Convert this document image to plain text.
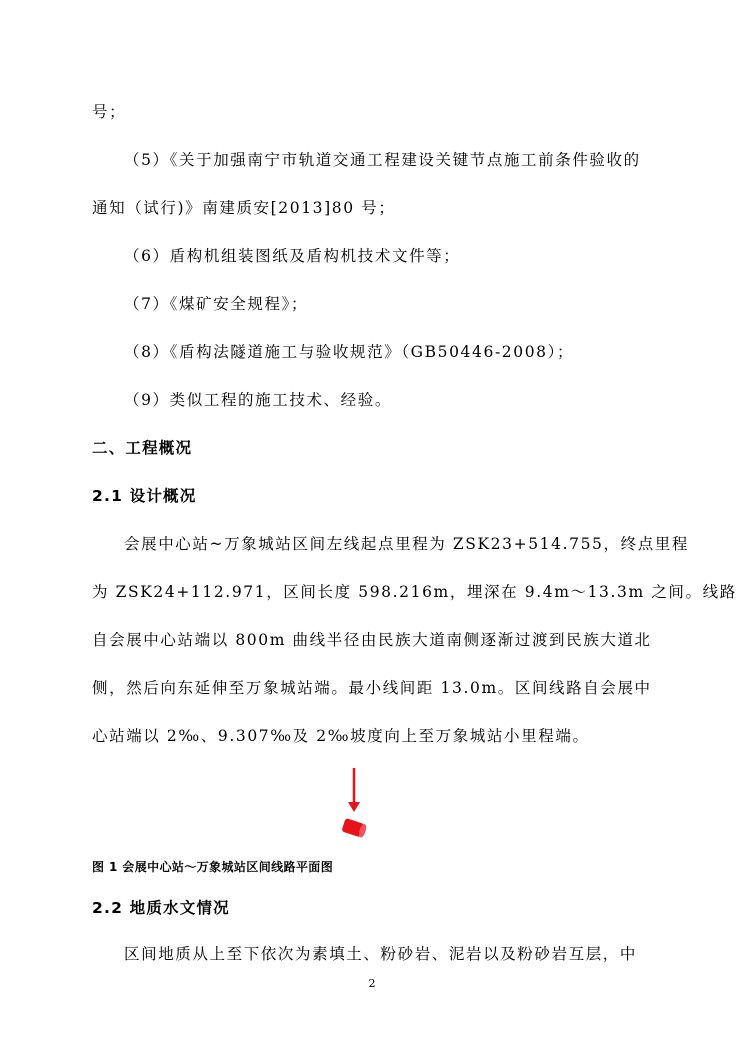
号；
（5）《关于加强南宁市轨道交通工程建设关键节点施工前条件验收的
通知（试行)》南建质安[2013]80 号；
（6）盾构机组装图纸及盾构机技术文件等；
（7）《煤矿安全规程》；
（8）《盾构法隧道施工与验收规范》（GB50446-2008）；
（9）类似工程的施工技术、经验。
二、工程概况
2.1 设计概况
会展中心站~万象城站区间左线起点里程为 ZSK23+514.755，终点里程
为 ZSK24+112.971，区间长度 598.216m，埋深在 9.4m～13.3m 之间。线路
自会展中心站端以 800m 曲线半径由民族大道南侧逐渐过渡到民族大道北
侧，然后向东延伸至万象城站端。最小线间距 13.0m。区间线路自会展中
心站端以 2‰、9.307‰及 2‰坡度向上至万象城站小里程端。
图 1 会展中心站～万象城站区间线路平面图
2.2 地质水文情况
区间地质从上至下依次为素填土、粉砂岩、泥岩以及粉砂岩互层，中
2
